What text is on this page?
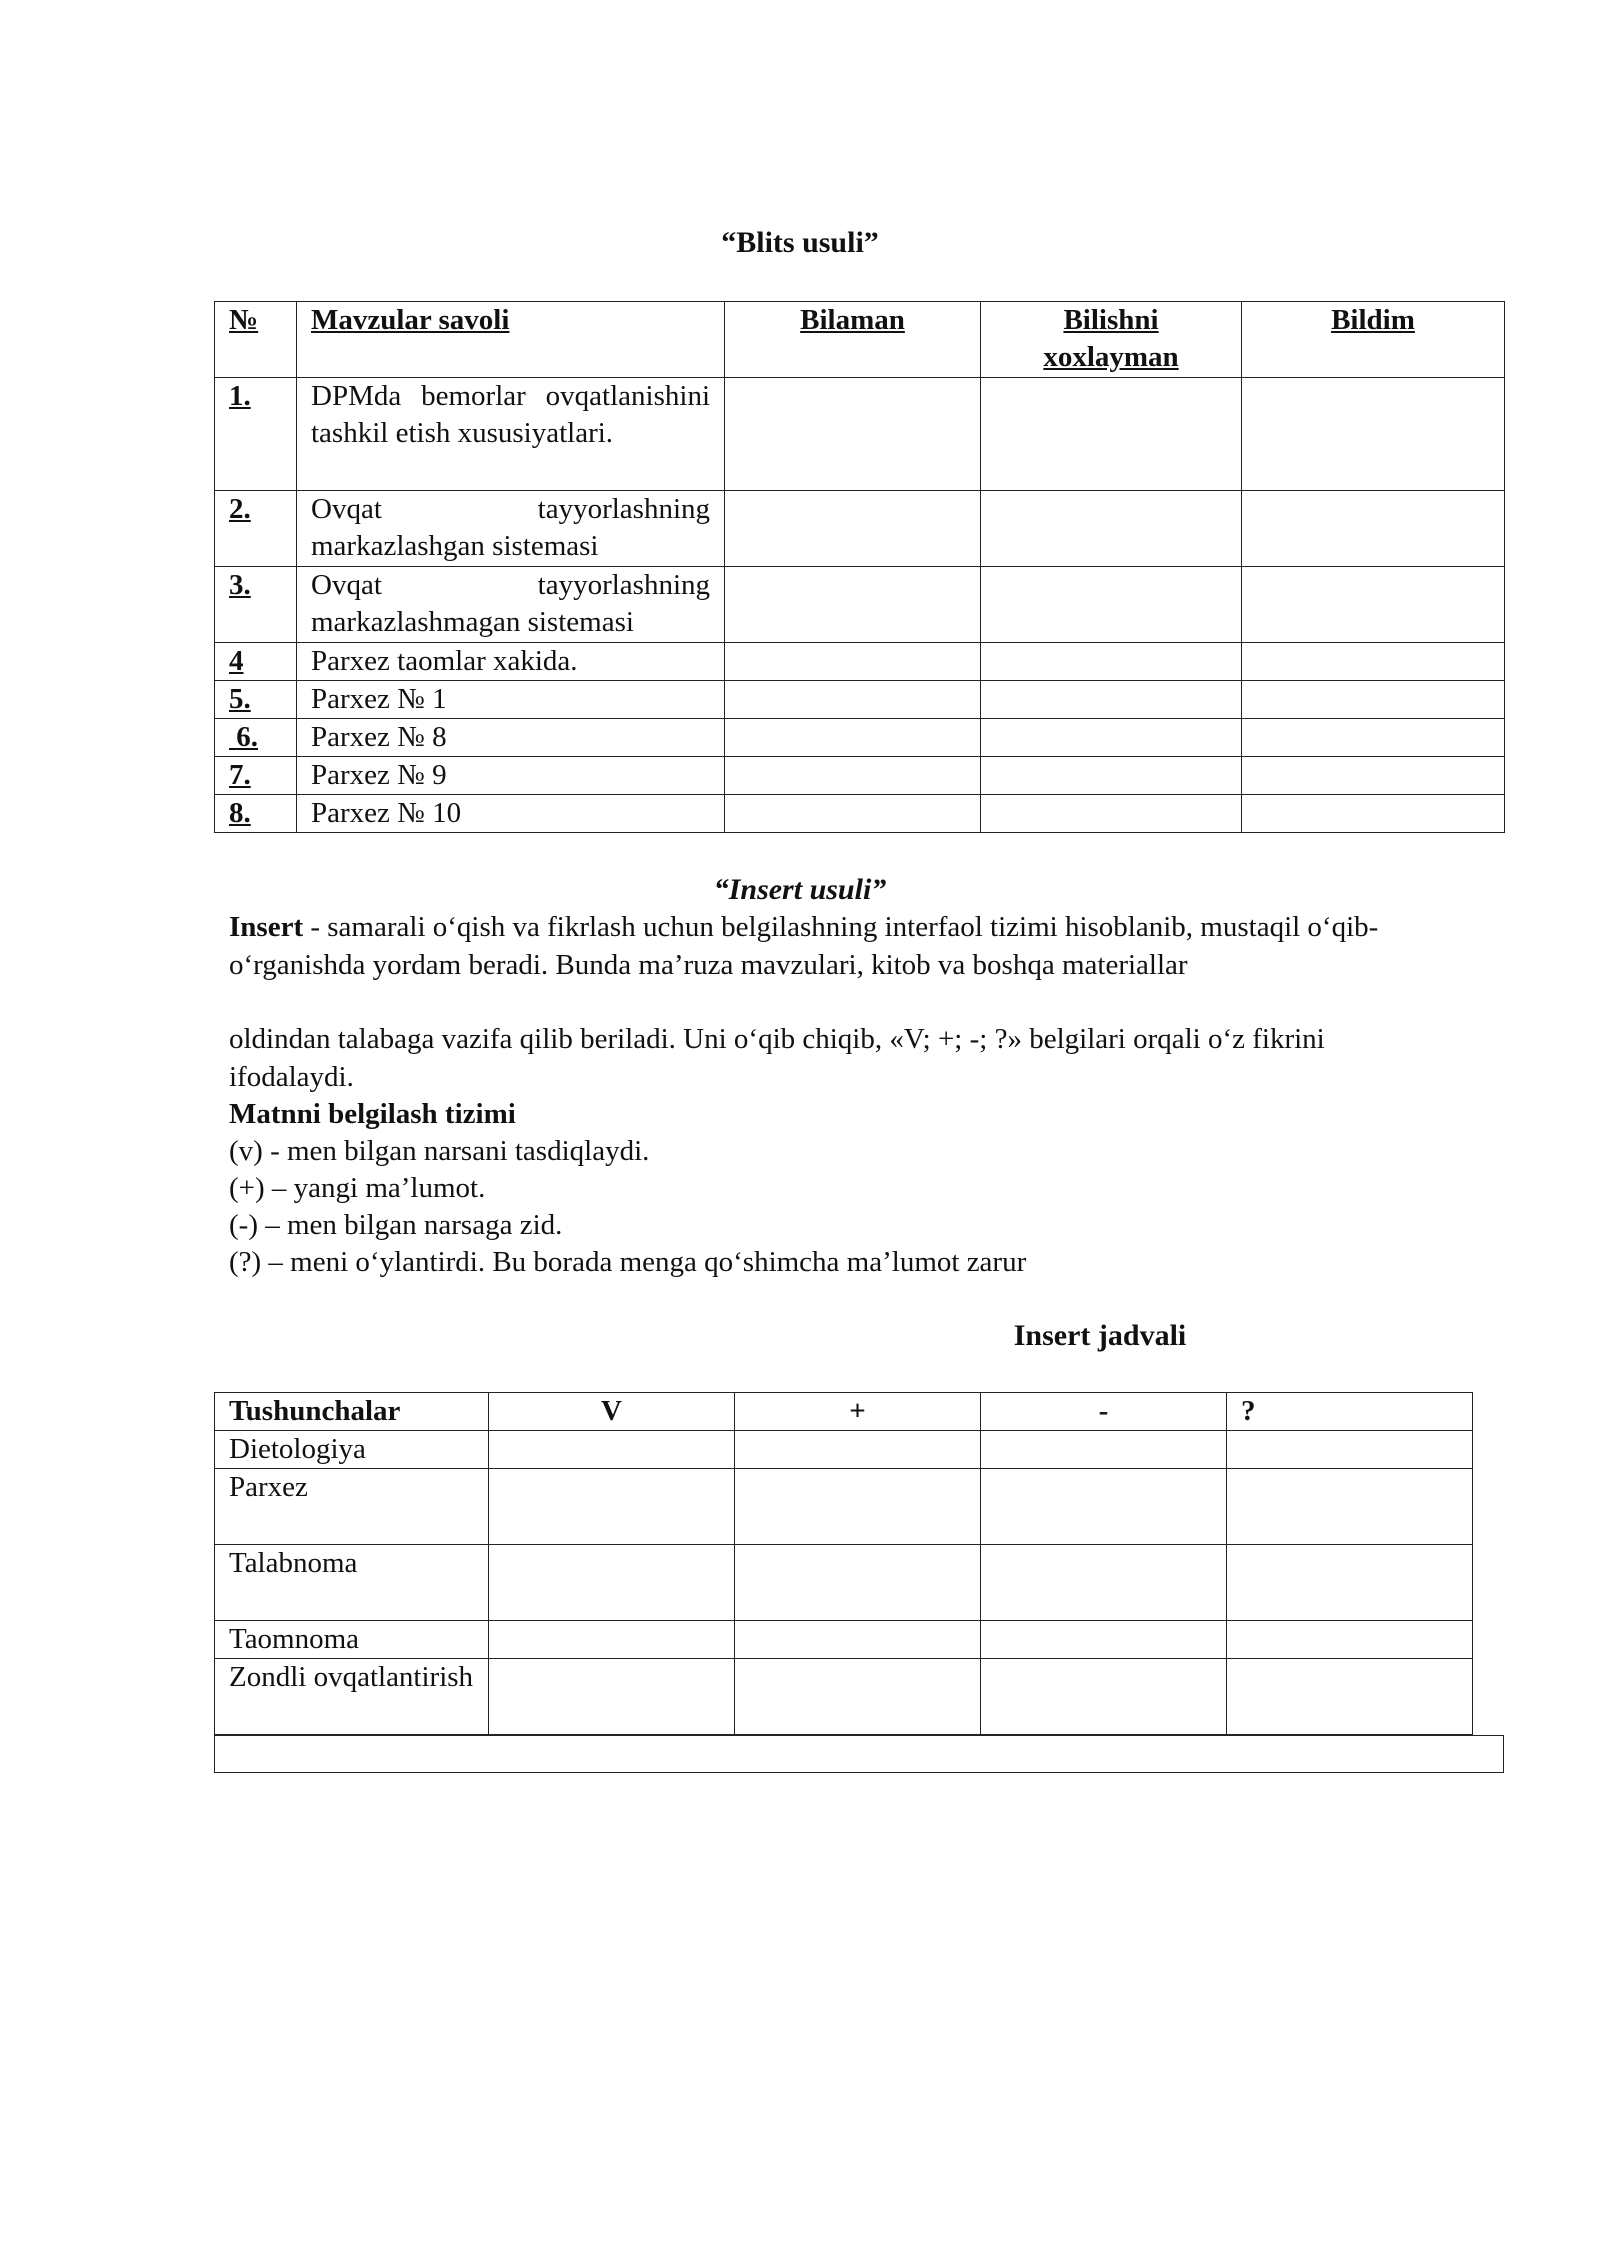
“Blits usuli”
№	Mavzular savoli	Bilaman	Bilishni xoxlayman	Bildim
1.	DPMda bemorlar ovqatlanishini tashkil etish xususiyatlari.			
2.	Ovqat tayyorlashning markazlashgan sistemasi			
3.	Ovqat tayyorlashning markazlashmagan sistemasi			
4	Parxez taomlar xakida.			
5.	Parxez № 1			
6.	Parxez № 8			
7.	Parxez № 9			
8.	Parxez № 10			
“Insert usuli”
Insert - samarali o‘qish va fikrlash uchun belgilashning interfaol tizimi hisoblanib, mustaqil o‘qib-o‘rganishda yordam beradi. Bunda ma’ruza mavzulari, kitob va boshqa materiallar
oldindan talabaga vazifa qilib beriladi. Uni o‘qib chiqib, «V; +; -; ?» belgilari orqali o‘z fikrini ifodalaydi.
Matnni belgilash tizimi
(v) - men bilgan narsani tasdiqlaydi.
(+) – yangi ma’lumot.
(-) – men bilgan narsaga zid.
(?) – meni o‘ylantirdi. Bu borada menga qo‘shimcha ma’lumot zarur
Insert jadvali
Tushunchalar	V	+	-	?
Dietologiya				
Parxez				
Talabnoma				
Taomnoma				
Zondli ovqatlantirish				
